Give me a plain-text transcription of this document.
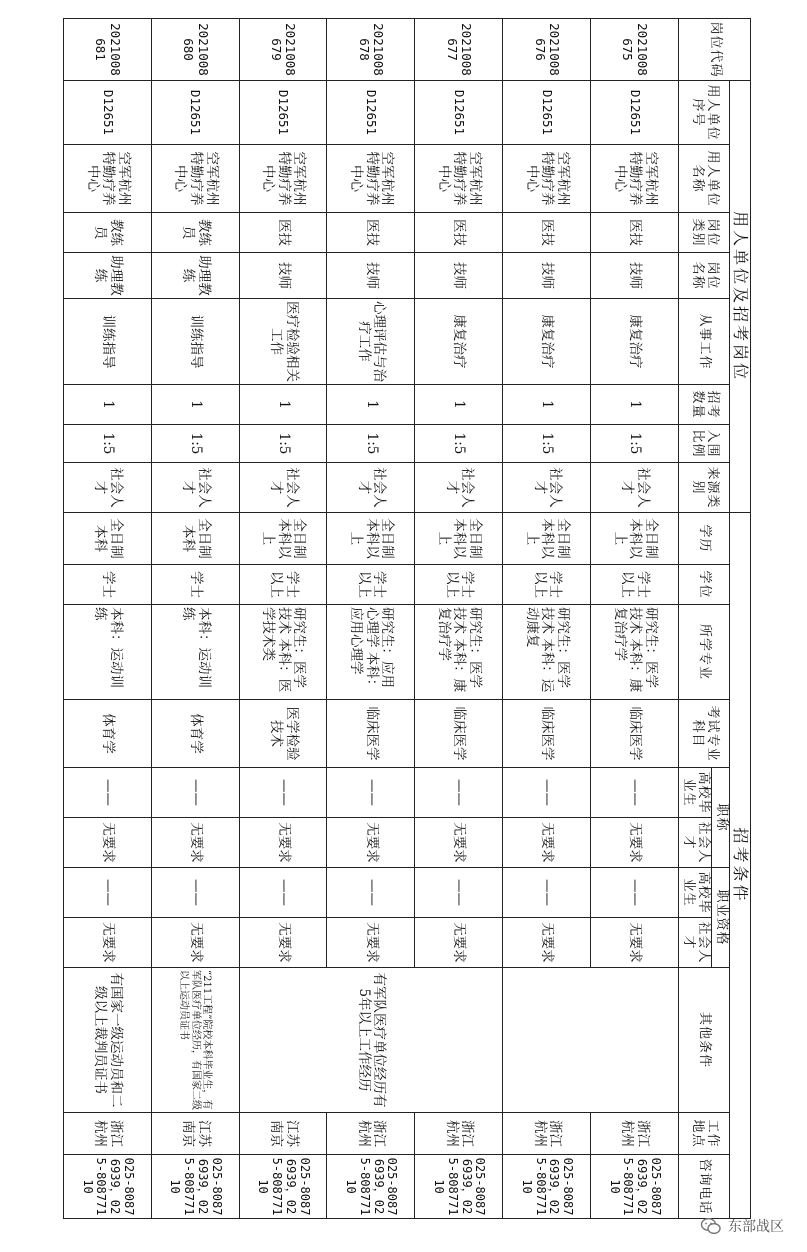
岗位代码	用人单位及招考岗位								招考条件										
	用人单位序号	用人单位名称	岗位类别	岗位名称	从事工作	招考数量	入围比例	来源类别	学历	学位	所学专业	考试专业科目	职称		职业资格		其他条件	工作地点	咨询电话
													高校毕业生	社会人才	高校毕业生	社会人才			
2021008675	D12651	空军杭州特勤疗养中心	医技	技师	康复治疗	1	1:5	社会人才	全日制本科以上	学士以上	研究生：医学技术 本科：康复治疗学	临床医学	——	无要求	——	无要求		浙江杭州	025-80876939，025-80877110
2021008676	D12651	空军杭州特勤疗养中心	医技	技师	康复治疗	1	1:5	社会人才	全日制本科以上	学士以上	研究生：医学技术 本科：运动康复	临床医学	——	无要求	——	无要求		浙江杭州	025-80876939，025-80877110
2021008677	D12651	空军杭州特勤疗养中心	医技	技师	康复治疗	1	1:5	社会人才	全日制本科以上	学士以上	研究生：医学技术 本科：康复治疗学	临床医学	——	无要求	——	无要求	有军队医疗单位经历有5年以上工作经历	浙江杭州	025-80876939，025-80877110
2021008678	D12651	空军杭州特勤疗养中心	医技	技师	心理评估与治疗工作	1	1:5	社会人才	全日制本科以上	学士以上	研究生：应用心理学 本科：应用心理学	临床医学	——	无要求	——	无要求		浙江杭州	025-80876939，025-80877110
2021008679	D12651	空军杭州特勤疗养中心	医技	技师	医疗检验相关工作	1	1:5	社会人才	全日制本科以上	学士以上	研究生：医学技术 本科：医学技术类	医学检验技术	——	无要求	——	无要求		江苏南京	025-80876939，025-80877110
2021008680	D12651	空军杭州特勤疗养中心	教练员	助理教练	训练指导	1	1:5	社会人才	全日制本科	学士	本科：运动训练	体育学	——	无要求	——	无要求	“211工程”院校本科毕业生，有军队医疗单位经历，有国家二级以上运动员证书	江苏南京	025-80876939，025-80877110
2021008681	D12651	空军杭州特勤疗养中心	教练员	助理教练	训练指导	1	1:5	社会人才	全日制本科	学士	本科：运动训练	体育学	——	无要求	——	无要求	有国家一级运动员和二级以上裁判员证书	浙江杭州	025-80876939，025-80877110
东部战区
